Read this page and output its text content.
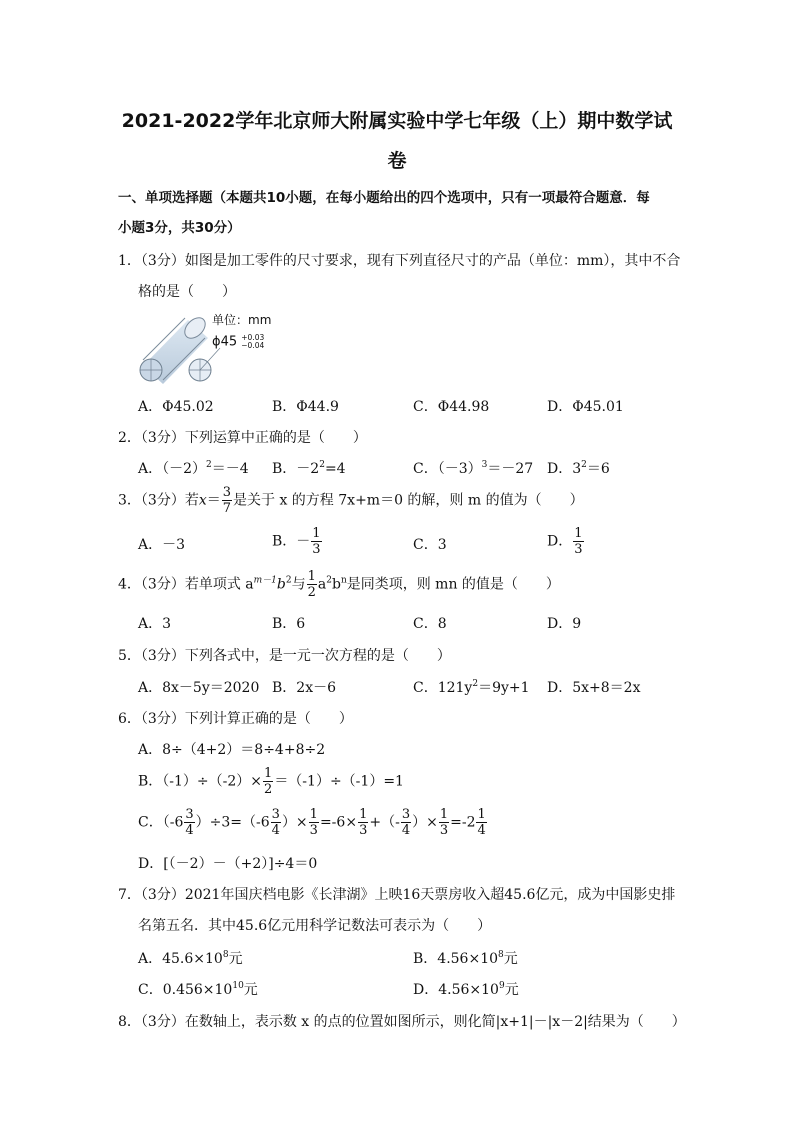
2021-2022学年北京师大附属实验中学七年级（上）期中数学试
卷
一、单项选择题（本题共10小题，在每小题给出的四个选项中，只有一项最符合题意．每
小题3分，共30分）
1．（3分）如图是加工零件的尺寸要求，现有下列直径尺寸的产品（单位：mm），其中不合
格的是（　　）
单位：mm
ϕ45 +0.03
−0.04
A．Φ45.02	B．Φ44.9	C．Φ44.98	D．Φ45.01
2．（3分）下列运算中正确的是（　　）
A．$(-2)^2=-4$ B．$-2^2=4$	C．$(-3)^3=-27$ D．$3^2=6$
3．（3分）若$x= \frac{3}{7}$ 是关于 x 的方程 7x+m＝0 的解，则 m 的值为（　　）
A．－3	B．－ $\frac{1}{3}$	C．3	D． $\frac{1}{3}$
4．（3分）若单项式 $a^{m-1}b^2$与 $\frac{1}{2} a^2b^n$是同类项，则 mn 的值是（　　）
A．3	B．6	C．8	D．9
5．（3分）下列各式中，是一元一次方程的是（　　）
A．8x－5y＝2020 B．2x－6	C．$121y^2=9y+1$ D．5x+8＝2x
6．（3分）下列计算正确的是（　　）
A．8÷（4+2）＝8÷4+8÷2
B．$(-1)\div(-2)\times \frac{1}{2} =(-1)\div(-1)=1$
C．$(-6 \frac{3}{4} )\div 3=(-6 \frac{3}{4}$ ）× $\frac{1}{3} =-6\times \frac{1}{3}$ +（- $\frac{3}{4}$ ）× $\frac{1}{3} =-2 \frac{1}{4}$
D．[（－2）－（+2）]÷4＝0
7．（3分）2021年国庆档电影《长津湖》上映16天票房收入超45.6亿元，成为中国影史排
名第五名．其中45.6亿元用科学记数法可表示为（　　）
A．$45.6\times 10^8$元	B．$4.56\times 10^8$元
C．$0.456\times 10^{10}$元	D．$4.56\times 10^9$元
8．（3分）在数轴上，表示数 x 的点的位置如图所示，则化简|x+1|－|x－2|结果为（　　）
